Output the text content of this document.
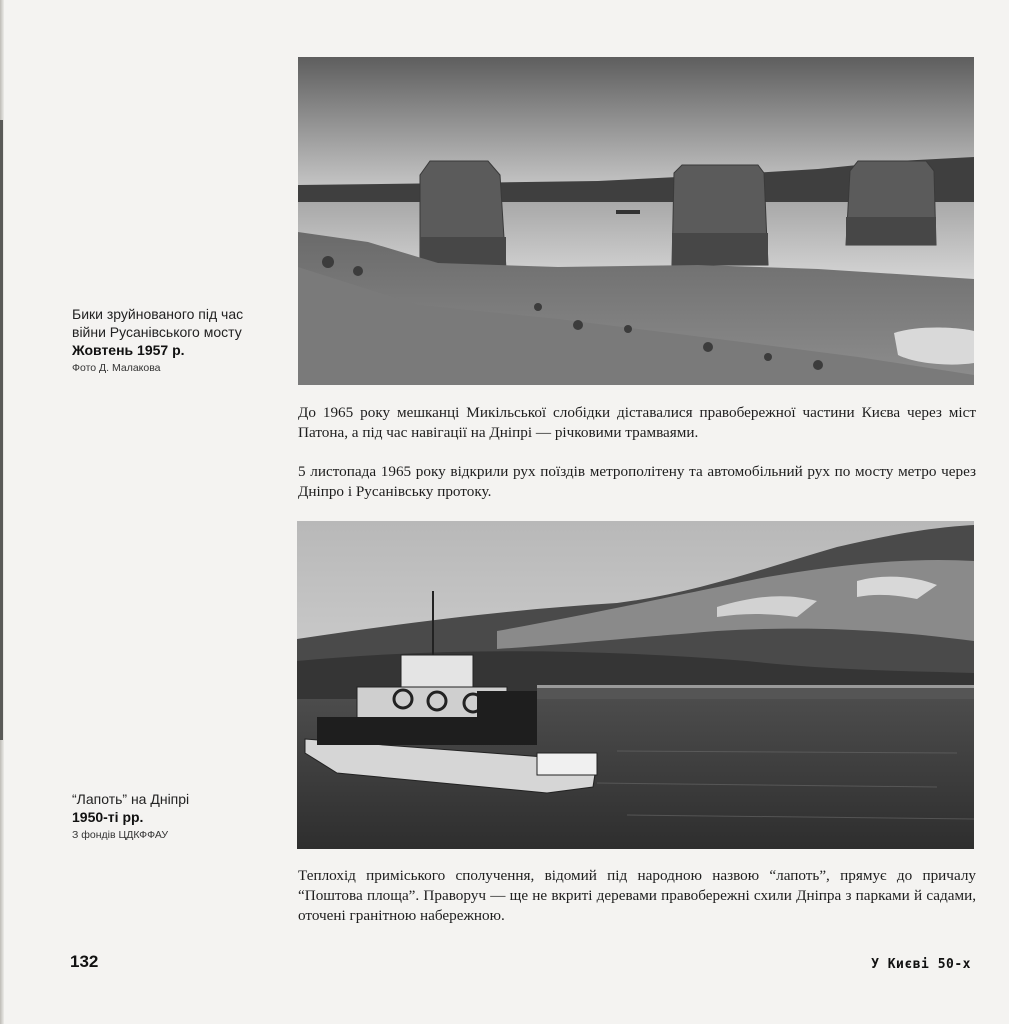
Бики зруйнованого під час
війни Русанівського мосту
Жовтень 1957 р.
Фото Д. Малакова
До 1965 року мешканці Микільської слобідки діставалися правобережної частини Києва через міст Патона, а під час навігації на Дніпрі — річковими трамваями.
5 листопада 1965 року відкрили рух поїздів метрополітену та автомобільний рух по мосту метро через Дніпро і Русанівську протоку.
“Лапоть” на Дніпрі
1950-ті рр.
З фондів ЦДКФФАУ
Теплохід приміського сполучення, відомий під народною назвою “лапоть”, прямує до причалу “Поштова площа”. Праворуч — ще не вкриті деревами правобережні схили Дніпра з парками й садами, оточені гранітною набережною.
132	У Києві 50-х
